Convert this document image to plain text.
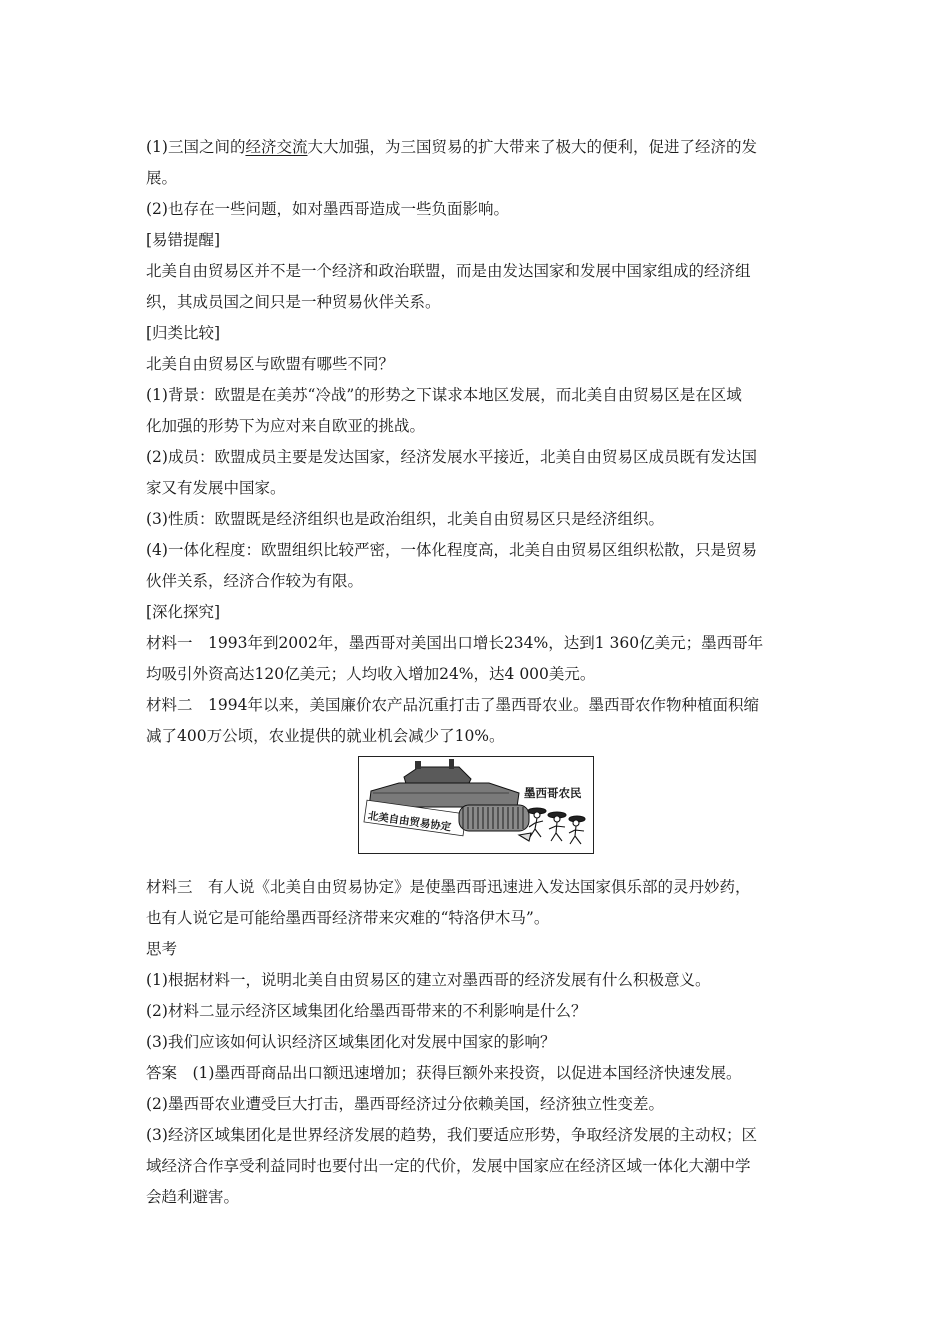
(1)三国之间的经济交流大大加强，为三国贸易的扩大带来了极大的便利，促进了经济的发
展。
(2)也存在一些问题，如对墨西哥造成一些负面影响。
[易错提醒]
北美自由贸易区并不是一个经济和政治联盟，而是由发达国家和发展中国家组成的经济组
织，其成员国之间只是一种贸易伙伴关系。
[归类比较]
北美自由贸易区与欧盟有哪些不同？
(1)背景：欧盟是在美苏“冷战”的形势之下谋求本地区发展，而北美自由贸易区是在区域
化加强的形势下为应对来自欧亚的挑战。
(2)成员：欧盟成员主要是发达国家，经济发展水平接近，北美自由贸易区成员既有发达国
家又有发展中国家。
(3)性质：欧盟既是经济组织也是政治组织，北美自由贸易区只是经济组织。
(4)一体化程度：欧盟组织比较严密，一体化程度高，北美自由贸易区组织松散，只是贸易
伙伴关系，经济合作较为有限。
[深化探究]
材料一　1993年到2002年，墨西哥对美国出口增长234%，达到1 360亿美元；墨西哥年
均吸引外资高达120亿美元；人均收入增加24%，达4 000美元。
材料二　1994年以来，美国廉价农产品沉重打击了墨西哥农业。墨西哥农作物种植面积缩
减了400万公顷，农业提供的就业机会减少了10%。
北美自由贸易协定
墨西哥农民
材料三　有人说《北美自由贸易协定》是使墨西哥迅速进入发达国家俱乐部的灵丹妙药，
也有人说它是可能给墨西哥经济带来灾难的“特洛伊木马”。
思考
(1)根据材料一，说明北美自由贸易区的建立对墨西哥的经济发展有什么积极意义。
(2)材料二显示经济区域集团化给墨西哥带来的不利影响是什么？
(3)我们应该如何认识经济区域集团化对发展中国家的影响？
答案　(1)墨西哥商品出口额迅速增加；获得巨额外来投资，以促进本国经济快速发展。
(2)墨西哥农业遭受巨大打击，墨西哥经济过分依赖美国，经济独立性变差。
(3)经济区域集团化是世界经济发展的趋势，我们要适应形势，争取经济发展的主动权；区
域经济合作享受利益同时也要付出一定的代价，发展中国家应在经济区域一体化大潮中学
会趋利避害。
